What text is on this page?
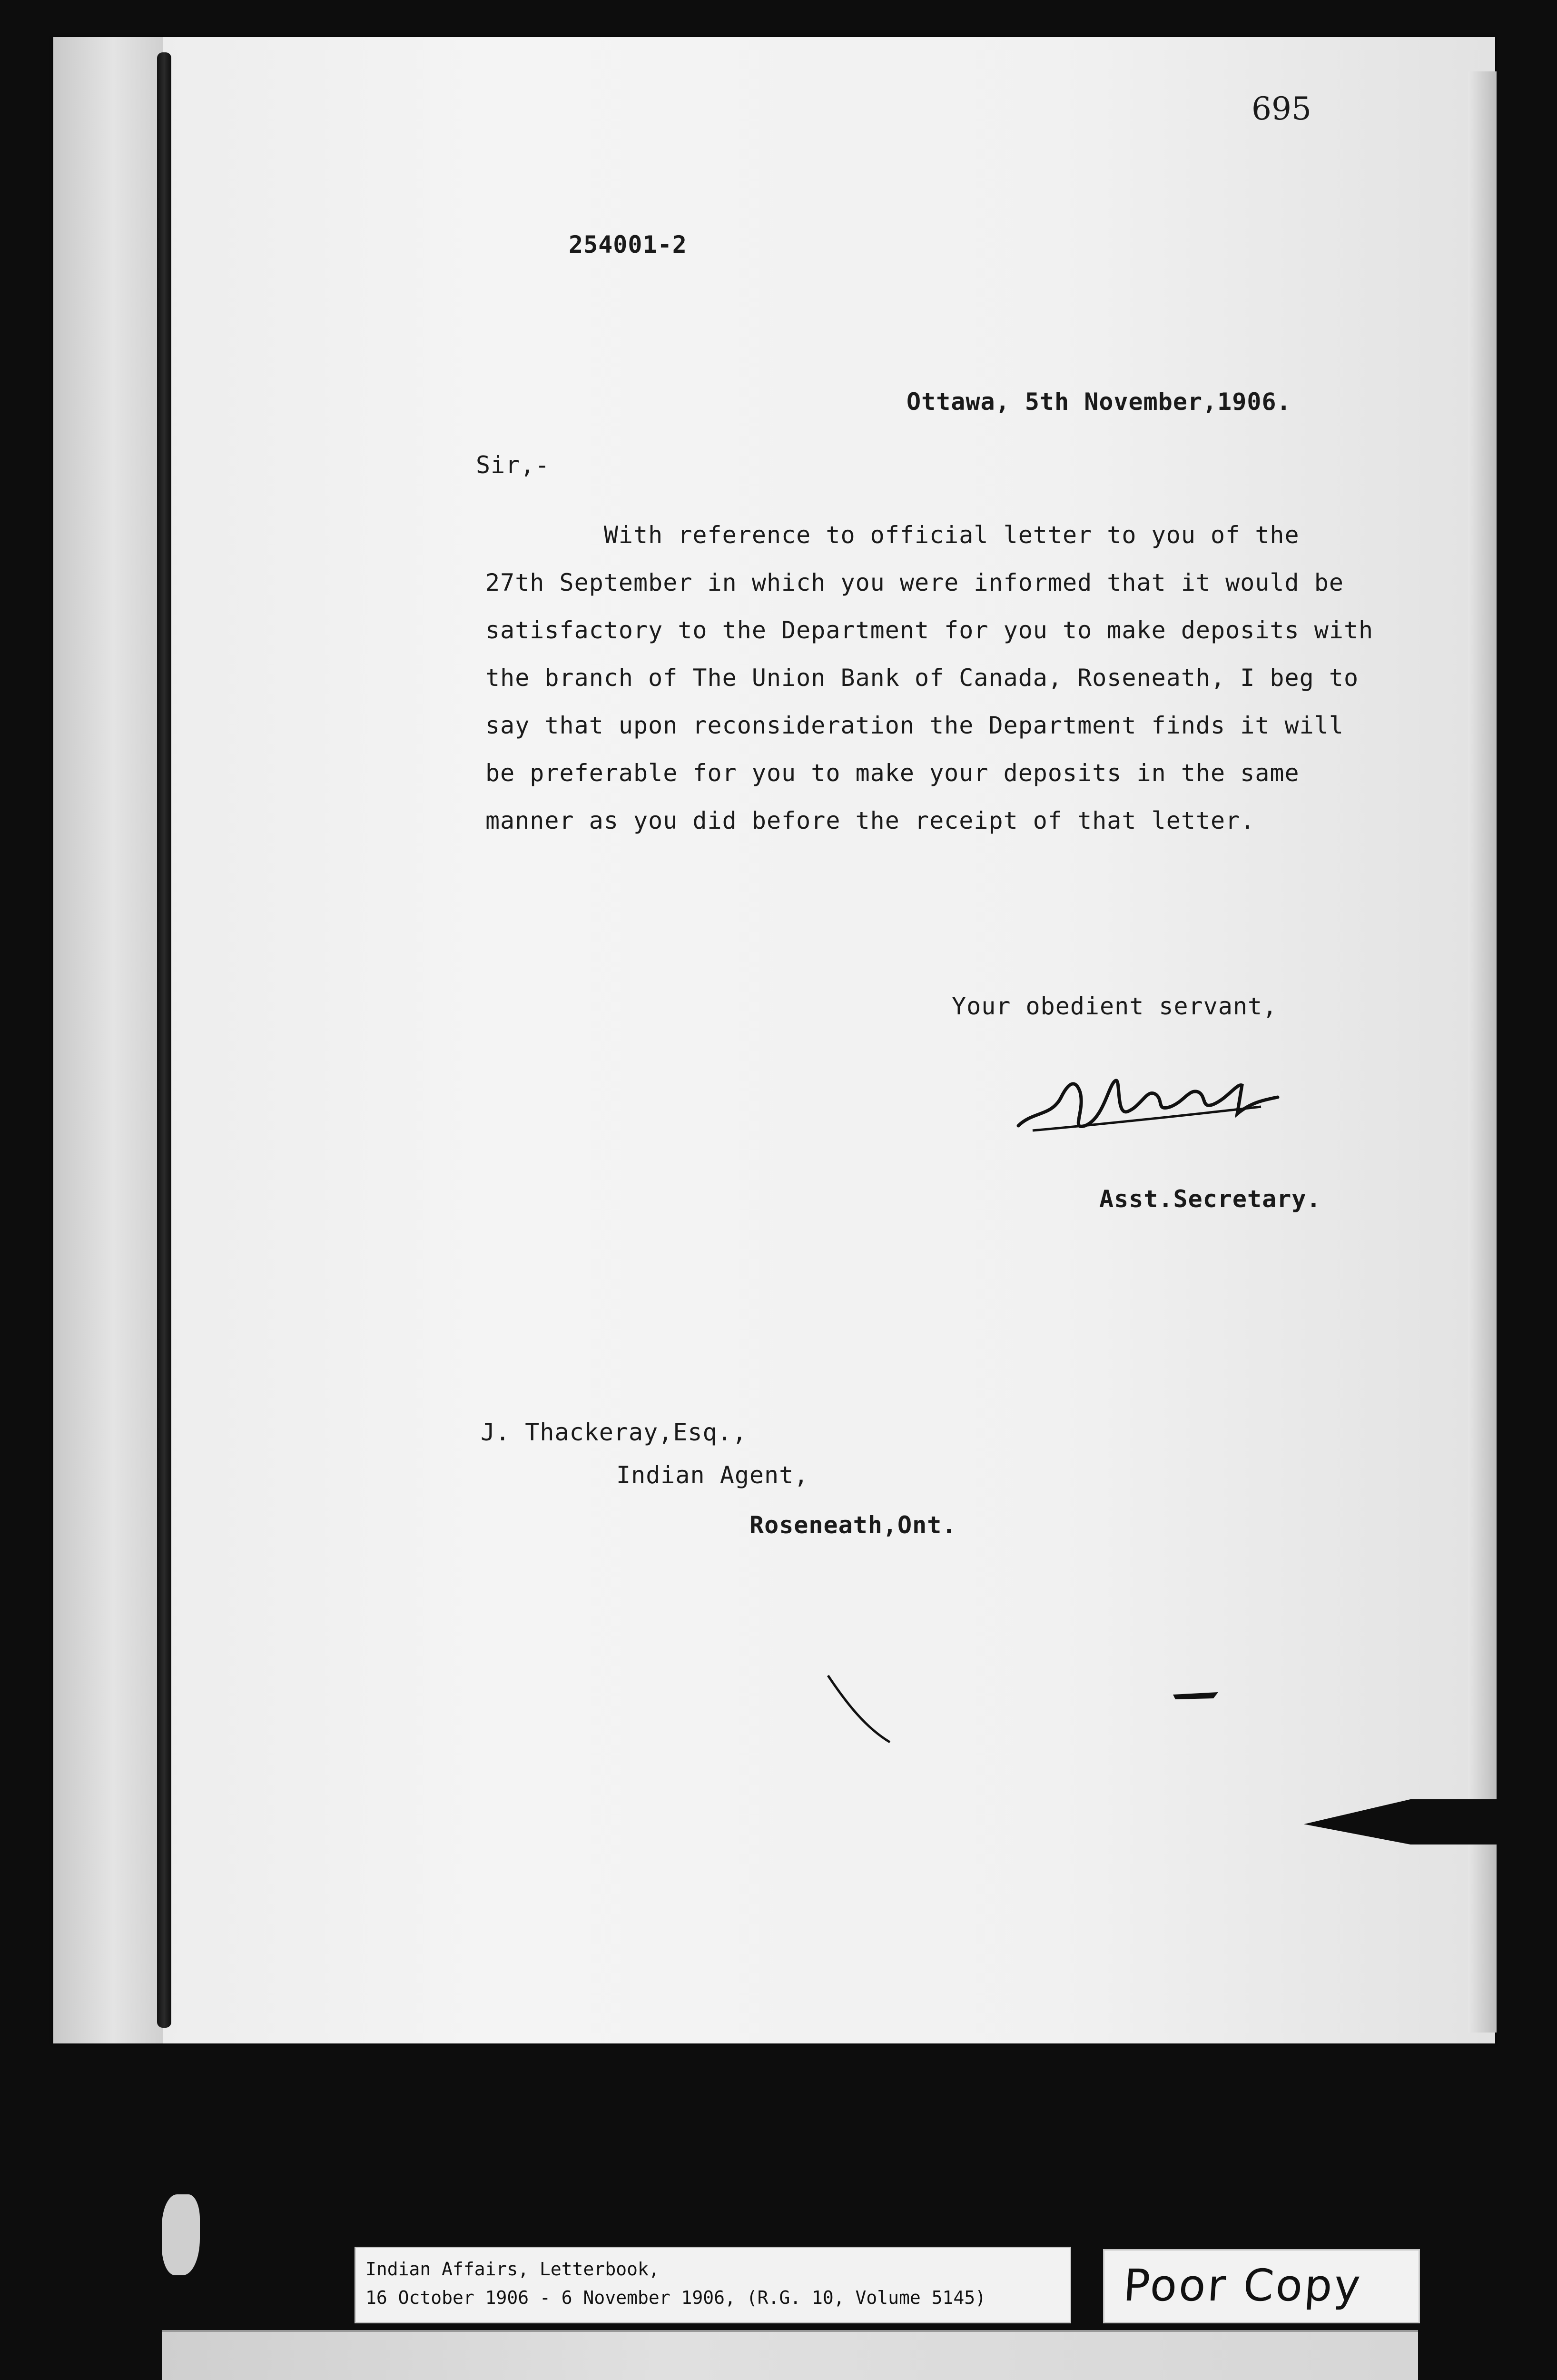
695
254001-2
Ottawa, 5th November,1906.
Sir,-

With reference to official letter to you of the

27th September in which you were informed that it would be

satisfactory to the Department for you to make deposits with

the branch of The Union Bank of Canada, Roseneath, I beg to

say that upon reconsideration the Department finds it will

be preferable for you to make your deposits in the same

manner as you did before the receipt of that letter.

Your obedient servant,
Asst.Secretary.
J. Thackeray,Esq.,
Indian Agent,
Roseneath,Ont.
Indian Affairs, Letterbook,
16 October 1906 - 6 November 1906, (R.G. 10, Volume 5145)	Poor Copy
